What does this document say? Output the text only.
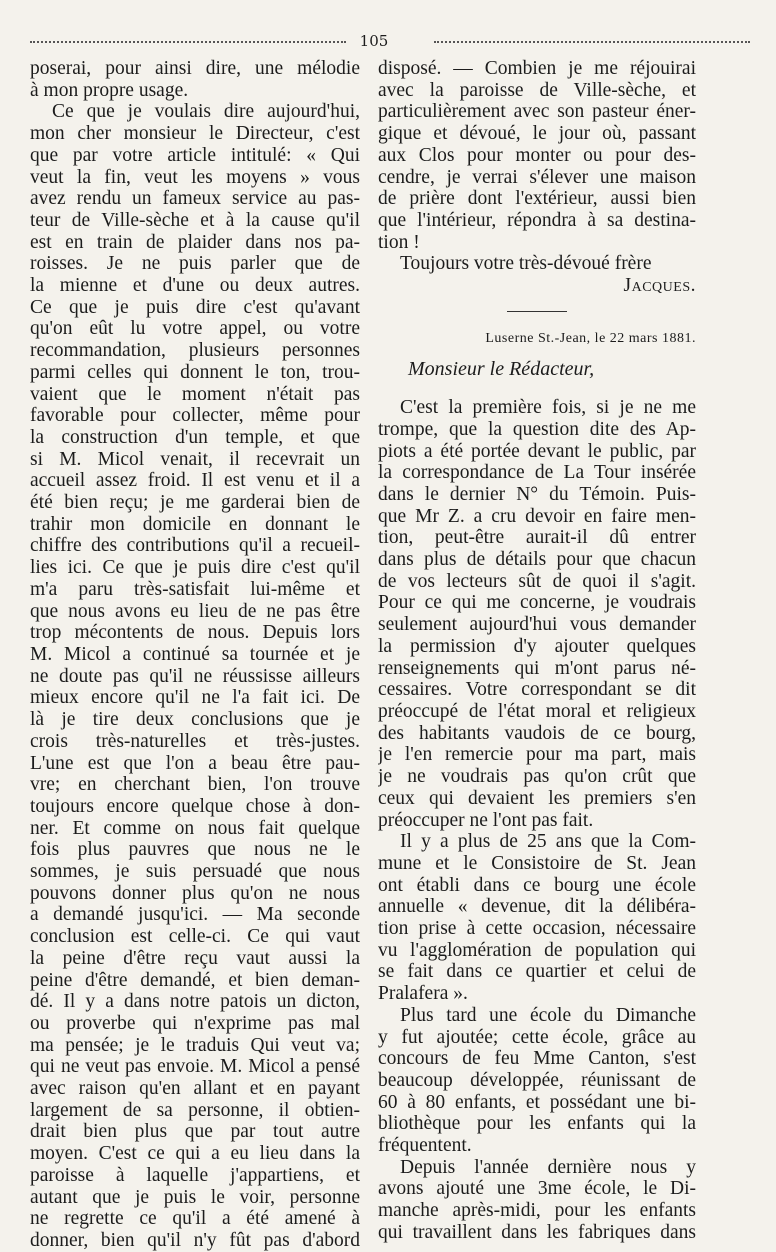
105
poserai, pour ainsi dire, une mélodie
à mon propre usage.
Ce que je voulais dire aujourd'hui,
mon cher monsieur le Directeur, c'est
que par votre article intitulé: « Qui
veut la fin, veut les moyens » vous
avez rendu un fameux service au pas-
teur de Ville-sèche et à la cause qu'il
est en train de plaider dans nos pa-
roisses. Je ne puis parler que de
la mienne et d'une ou deux autres.
Ce que je puis dire c'est qu'avant
qu'on eût lu votre appel, ou votre
recommandation, plusieurs personnes
parmi celles qui donnent le ton, trou-
vaient que le moment n'était pas
favorable pour collecter, même pour
la construction d'un temple, et que
si M. Micol venait, il recevrait un
accueil assez froid. Il est venu et il a
été bien reçu; je me garderai bien de
trahir mon domicile en donnant le
chiffre des contributions qu'il a recueil-
lies ici. Ce que je puis dire c'est qu'il
m'a paru très-satisfait lui-même et
que nous avons eu lieu de ne pas être
trop mécontents de nous. Depuis lors
M. Micol a continué sa tournée et je
ne doute pas qu'il ne réussisse ailleurs
mieux encore qu'il ne l'a fait ici. De
là je tire deux conclusions que je
crois très-naturelles et très-justes.
L'une est que l'on a beau être pau-
vre; en cherchant bien, l'on trouve
toujours encore quelque chose à don-
ner. Et comme on nous fait quelque
fois plus pauvres que nous ne le
sommes, je suis persuadé que nous
pouvons donner plus qu'on ne nous
a demandé jusqu'ici. — Ma seconde
conclusion est celle-ci. Ce qui vaut
la peine d'être reçu vaut aussi la
peine d'être demandé, et bien deman-
dé. Il y a dans notre patois un dicton,
ou proverbe qui n'exprime pas mal
ma pensée; je le traduis Qui veut va;
qui ne veut pas envoie. M. Micol a pensé
avec raison qu'en allant et en payant
largement de sa personne, il obtien-
drait bien plus que par tout autre
moyen. C'est ce qui a eu lieu dans la
paroisse à laquelle j'appartiens, et
autant que je puis le voir, personne
ne regrette ce qu'il a été amené à
donner, bien qu'il n'y fût pas d'abord
disposé. — Combien je me réjouirai
avec la paroisse de Ville-sèche, et
particulièrement avec son pasteur éner-
gique et dévoué, le jour où, passant
aux Clos pour monter ou pour des-
cendre, je verrai s'élever une maison
de prière dont l'extérieur, aussi bien
que l'intérieur, répondra à sa destina-
tion !
Toujours votre très-dévoué frère
Jacques.
Luserne St.-Jean, le 22 mars 1881.
Monsieur le Rédacteur,
C'est la première fois, si je ne me
trompe, que la question dite des Ap-
piots a été portée devant le public, par
la correspondance de La Tour insérée
dans le dernier N° du Témoin. Puis-
que Mr Z. a cru devoir en faire men-
tion, peut-être aurait-il dû entrer
dans plus de détails pour que chacun
de vos lecteurs sût de quoi il s'agit.
Pour ce qui me concerne, je voudrais
seulement aujourd'hui vous demander
la permission d'y ajouter quelques
renseignements qui m'ont parus né-
cessaires. Votre correspondant se dit
préoccupé de l'état moral et religieux
des habitants vaudois de ce bourg,
je l'en remercie pour ma part, mais
je ne voudrais pas qu'on crût que
ceux qui devaient les premiers s'en
préoccuper ne l'ont pas fait.
Il y a plus de 25 ans que la Com-
mune et le Consistoire de St. Jean
ont établi dans ce bourg une école
annuelle « devenue, dit la délibéra-
tion prise à cette occasion, nécessaire
vu l'agglomération de population qui
se fait dans ce quartier et celui de
Pralafera ».
Plus tard une école du Dimanche
y fut ajoutée; cette école, grâce au
concours de feu Mme Canton, s'est
beaucoup développée, réunissant de
60 à 80 enfants, et possédant une bi-
bliothèque pour les enfants qui la
fréquentent.
Depuis l'année dernière nous y
avons ajouté une 3me école, le Di-
manche après-midi, pour les enfants
qui travaillent dans les fabriques dans
